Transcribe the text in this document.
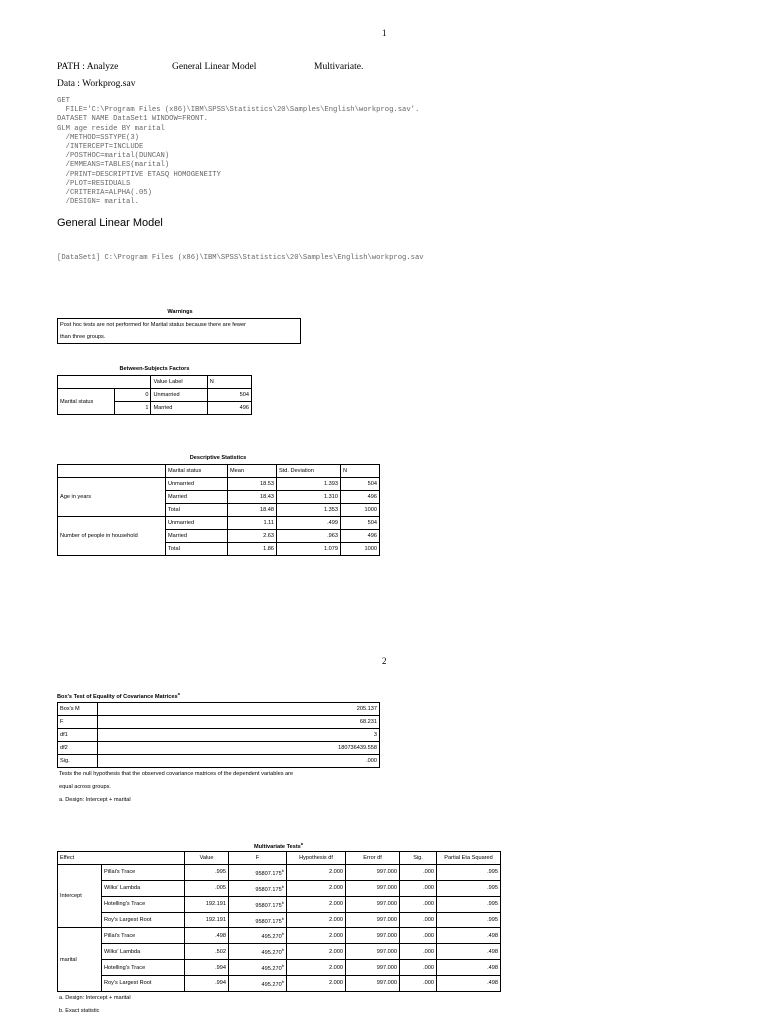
1
2
PATH : Analyze	General Linear Model	Multivariate.
Data : Workprog.sav
GET
FILE='C:\Program Files (x86)\IBM\SPSS\Statistics\20\Samples\English\workprog.sav'.
DATASET NAME DataSet1 WINDOW=FRONT.
GLM age reside BY marital
/METHOD=SSTYPE(3)
/INTERCEPT=INCLUDE
/POSTHOC=marital(DUNCAN)
/EMMEANS=TABLES(marital)
/PRINT=DESCRIPTIVE ETASQ HOMOGENEITY
/PLOT=RESIDUALS
/CRITERIA=ALPHA(.05)
/DESIGN= marital.
General Linear Model
[DataSet1] C:\Program Files (x86)\IBM\SPSS\Statistics\20\Samples\English\workprog.sav
Warnings
Post hoc tests are not performed for Marital status because there are fewer
than three groups.
Between-Subjects Factors
		Value Label	N
Marital status	0	Unmarried	504
	1	Married	496
Descriptive Statistics
	Marital status	Mean	Std. Deviation	N
Age in years	Unmarried	18.53	1.393	504
	Married	18.43	1.310	496
	Total	18.48	1.353	1000
Number of people in household	Unmarried	1.11	.499	504
	Married	2.63	.963	496
	Total	1.86	1.079	1000
Box's Test of Equality of Covariance Matrices$^a$
Box's M	205.137
F	68.231
df1	3
df2	180736439.558
Sig.	.000
Tests the null hypothesis that the observed covariance matrices of the dependent variables are
equal across groups.
a. Design: Intercept + marital
Multivariate Tests$^a$
Effect		Value	F	Hypothesis df	Error df	Sig.	Partial Eta Squared

Intercept	Pillai's Trace	.995	95807.175$^b$	2.000	997.000	.000	.995
	Wilks' Lambda	.005	95807.175$^b$	2.000	997.000	.000	.995
	Hotelling's Trace	192.191	95807.175$^b$	2.000	997.000	.000	.995
	Roy's Largest Root	192.191	95807.175$^b$	2.000	997.000	.000	.995
marital	Pillai's Trace	.498	495.270$^b$	2.000	997.000	.000	.498
	Wilks' Lambda	.502	495.270$^b$	2.000	997.000	.000	.498
	Hotelling's Trace	.994	495.270$^b$	2.000	997.000	.000	.498
	Roy's Largest Root	.994	495.270$^b$	2.000	997.000	.000	.498
a. Design: Intercept + marital
b. Exact statistic
